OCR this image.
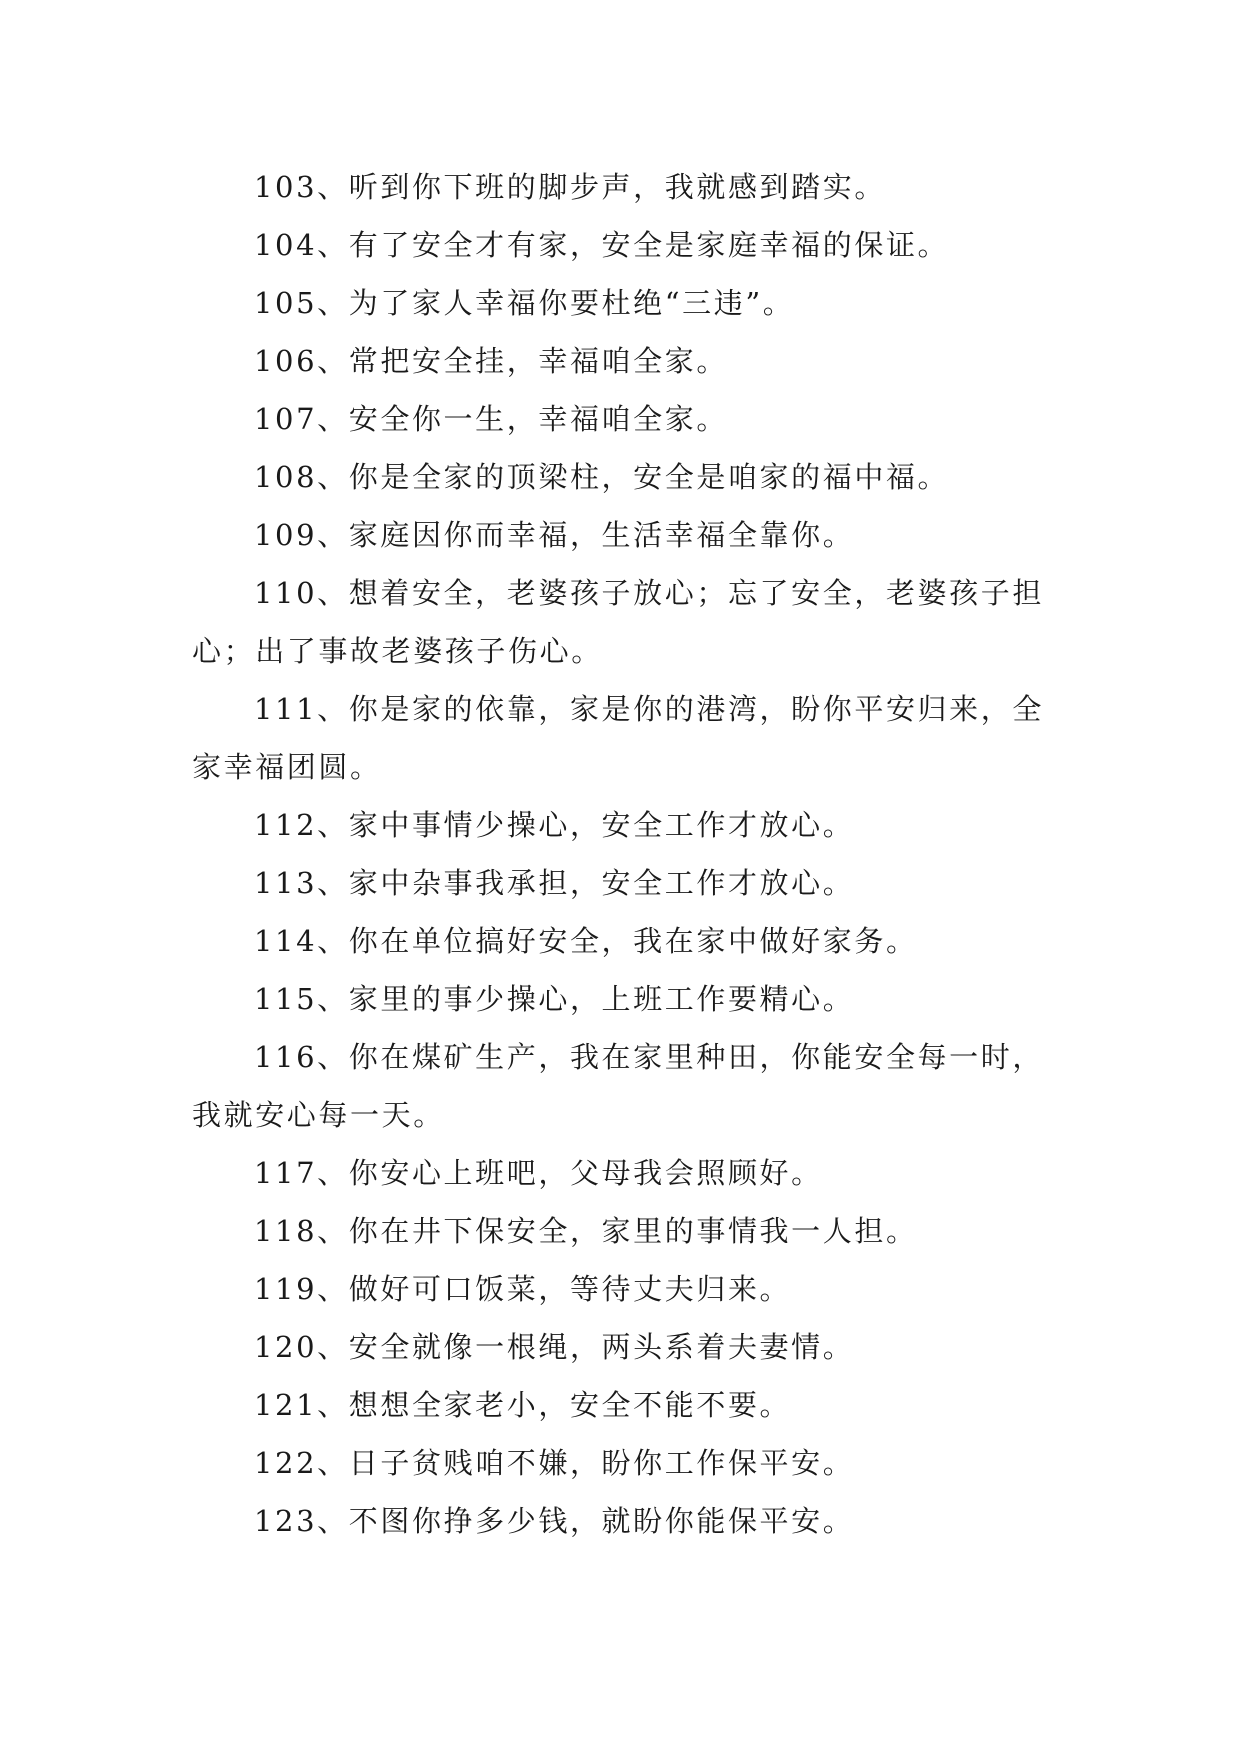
103、听到你下班的脚步声，我就感到踏实。

104、有了安全才有家，安全是家庭幸福的保证。

105、为了家人幸福你要杜绝“三违”。

106、常把安全挂，幸福咱全家。

107、安全你一生，幸福咱全家。

108、你是全家的顶梁柱，安全是咱家的福中福。

109、家庭因你而幸福，生活幸福全靠你。

110、想着安全，老婆孩子放心；忘了安全，老婆孩子担心；出了事故老婆孩子伤心。

111、你是家的依靠，家是你的港湾，盼你平安归来，全家幸福团圆。

112、家中事情少操心，安全工作才放心。

113、家中杂事我承担，安全工作才放心。

114、你在单位搞好安全，我在家中做好家务。

115、家里的事少操心，上班工作要精心。

116、你在煤矿生产，我在家里种田，你能安全每一时，我就安心每一天。

117、你安心上班吧，父母我会照顾好。

118、你在井下保安全，家里的事情我一人担。

119、做好可口饭菜，等待丈夫归来。

120、安全就像一根绳，两头系着夫妻情。

121、想想全家老小，安全不能不要。

122、日子贫贱咱不嫌，盼你工作保平安。

123、不图你挣多少钱，就盼你能保平安。
